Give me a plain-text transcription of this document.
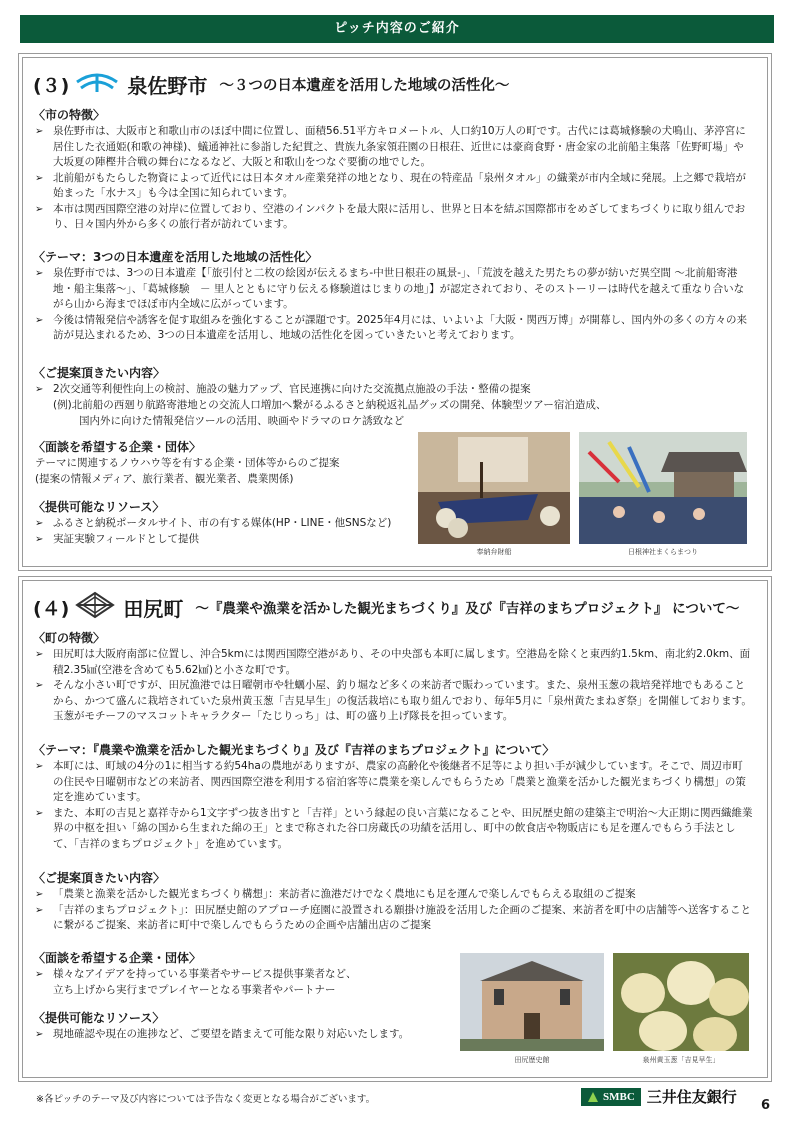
ピッチ内容のご紹介
(３)	泉佐野市 ～３つの日本遺産を活用した地域の活性化～
〈市の特徴〉
➢ 泉佐野市は、大阪市と和歌山市のほぼ中間に位置し、面積56.51平方キロメートル、人口約10万人の町です。古代には葛城修験の犬鳴山、茅渟宮に居住した衣通姫(和歌の神様)、蟻通神社に参詣した紀貫之、貴族九条家領荘園の日根荘、近世には豪商食野・唐金家の北前船主集落「佐野町場」や大坂夏の陣樫井合戦の舞台になるなど、大阪と和歌山をつなぐ要衝の地でした。
➢ 北前船がもたらした物資によって近代には日本タオル産業発祥の地となり、現在の特産品「泉州タオル」の織業が市内全域に発展。上之郷で栽培が始まった「水ナス」も今は全国に知られています。
➢ 本市は関西国際空港の対岸に位置しており、空港のインパクトを最大限に活用し、世界と日本を結ぶ国際都市をめざしてまちづくりに取り組んでおり、日々国内外から多くの旅行者が訪れています。
〈テーマ：3つの日本遺産を活用した地域の活性化〉
➢ 泉佐野市では、3つの日本遺産【「旅引付と二枚の絵図が伝えるまち-中世日根荘の風景-」、「荒波を越えた男たちの夢が紡いだ異空間 ～北前船寄港地・船主集落～」、「葛城修験　－ 里人とともに守り伝える修験道はじまりの地」】が認定されており、そのストーリーは時代を越えて重なり合いながら山から海までほぼ市内全域に広がっています。
➢ 今後は情報発信や誘客を促す取組みを強化することが課題です。2025年4月には、いよいよ「大阪・関西万博」が開幕し、国内外の多くの方々の来訪が見込まれるため、3つの日本遺産を活用し、地域の活性化を図っていきたいと考えております。
〈ご提案頂きたい内容〉
➢ 2次交通等利便性向上の検討、施設の魅力アップ、官民連携に向けた交流拠点施設の手法・整備の提案
(例)北前船の西廻り航路寄港地との交流人口増加へ繋がるふるさと納税返礼品グッズの開発、体験型ツアー宿泊造成、
国内外に向けた情報発信ツールの活用、映画やドラマのロケ誘致など
〈面談を希望する企業・団体〉
テーマに関連するノウハウ等を有する企業・団体等からのご提案
(提案の情報メディア、旅行業者、観光業者、農業関係)
〈提供可能なリソース〉
➢ ふるさと納税ポータルサイト、市の有する媒体(HP・LINE・他SNSなど)
➢ 実証実験フィールドとして提供
奉納弁財船	日根神社まくらまつり
(４)	田尻町 ～『農業や漁業を活かした観光まちづくり』及び『吉祥のまちプロジェクト』 について～
〈町の特徴〉
➢ 田尻町は大阪府南部に位置し、沖合5kmには関西国際空港があり、その中央部も本町に属します。空港島を除くと東西約1.5km、南北約2.0km、面積2.35㎢(空港を含めても5.62㎢)と小さな町です。
➢ そんな小さい町ですが、田尻漁港では日曜朝市や牡蠣小屋、釣り堀など多くの来訪者で賑わっています。また、泉州玉葱の栽培発祥地でもあることから、かつて盛んに栽培されていた泉州黄玉葱「吉見早生」の復活栽培にも取り組んでおり、毎年5月に「泉州黄たまねぎ祭」を開催しております。玉葱がモチーフのマスコットキャラクター「たじりっち」は、町の盛り上げ隊長を担っています。
〈テーマ：『農業や漁業を活かした観光まちづくり』及び『吉祥のまちプロジェクト』について〉
➢ 本町には、町域の4分の1に相当する約54haの農地がありますが、農家の高齢化や後継者不足等により担い手が減少しています。そこで、周辺市町の住民や日曜朝市などの来訪者、関西国際空港を利用する宿泊客等に農業を楽しんでもらうため「農業と漁業を活かした観光まちづくり構想」の策定を進めています。
➢ また、本町の吉見と嘉祥寺から1文字ずつ抜き出すと「吉祥」という縁起の良い言葉になることや、田尻歴史館の建築主で明治～大正期に関西織維業界の中枢を担い「綿の国から生まれた綿の王」とまで称された谷口房蔵氏の功績を活用し、町中の飲食店や物販店にも足を運んでもらう手法として、「吉祥のまちプロジェクト」を進めています。
〈ご提案頂きたい内容〉
➢ 「農業と漁業を活かした観光まちづくり構想」：来訪者に漁港だけでなく農地にも足を運んで楽しんでもらえる取組のご提案
➢ 「吉祥のまちプロジェクト」：田尻歴史館のアプローチ庭園に設置される願掛け施設を活用した企画のご提案、来訪者を町中の店舗等へ送客することに繋がるご提案、来訪者に町中で楽しんでもらうための企画や店舗出店のご提案
〈面談を希望する企業・団体〉
➢ 様々なアイデアを持っている事業者やサービス提供事業者など、
立ち上げから実行までプレイヤーとなる事業者やパートナー
〈提供可能なリソース〉
➢ 現地確認や現在の進捗など、ご要望を踏まえて可能な限り対応いたします。
田尻歴史館	泉州黄玉葱「吉見早生」
※各ピッチのテーマ及び内容については予告なく変更となる場合がございます。	SMBC 三井住友銀行 6
